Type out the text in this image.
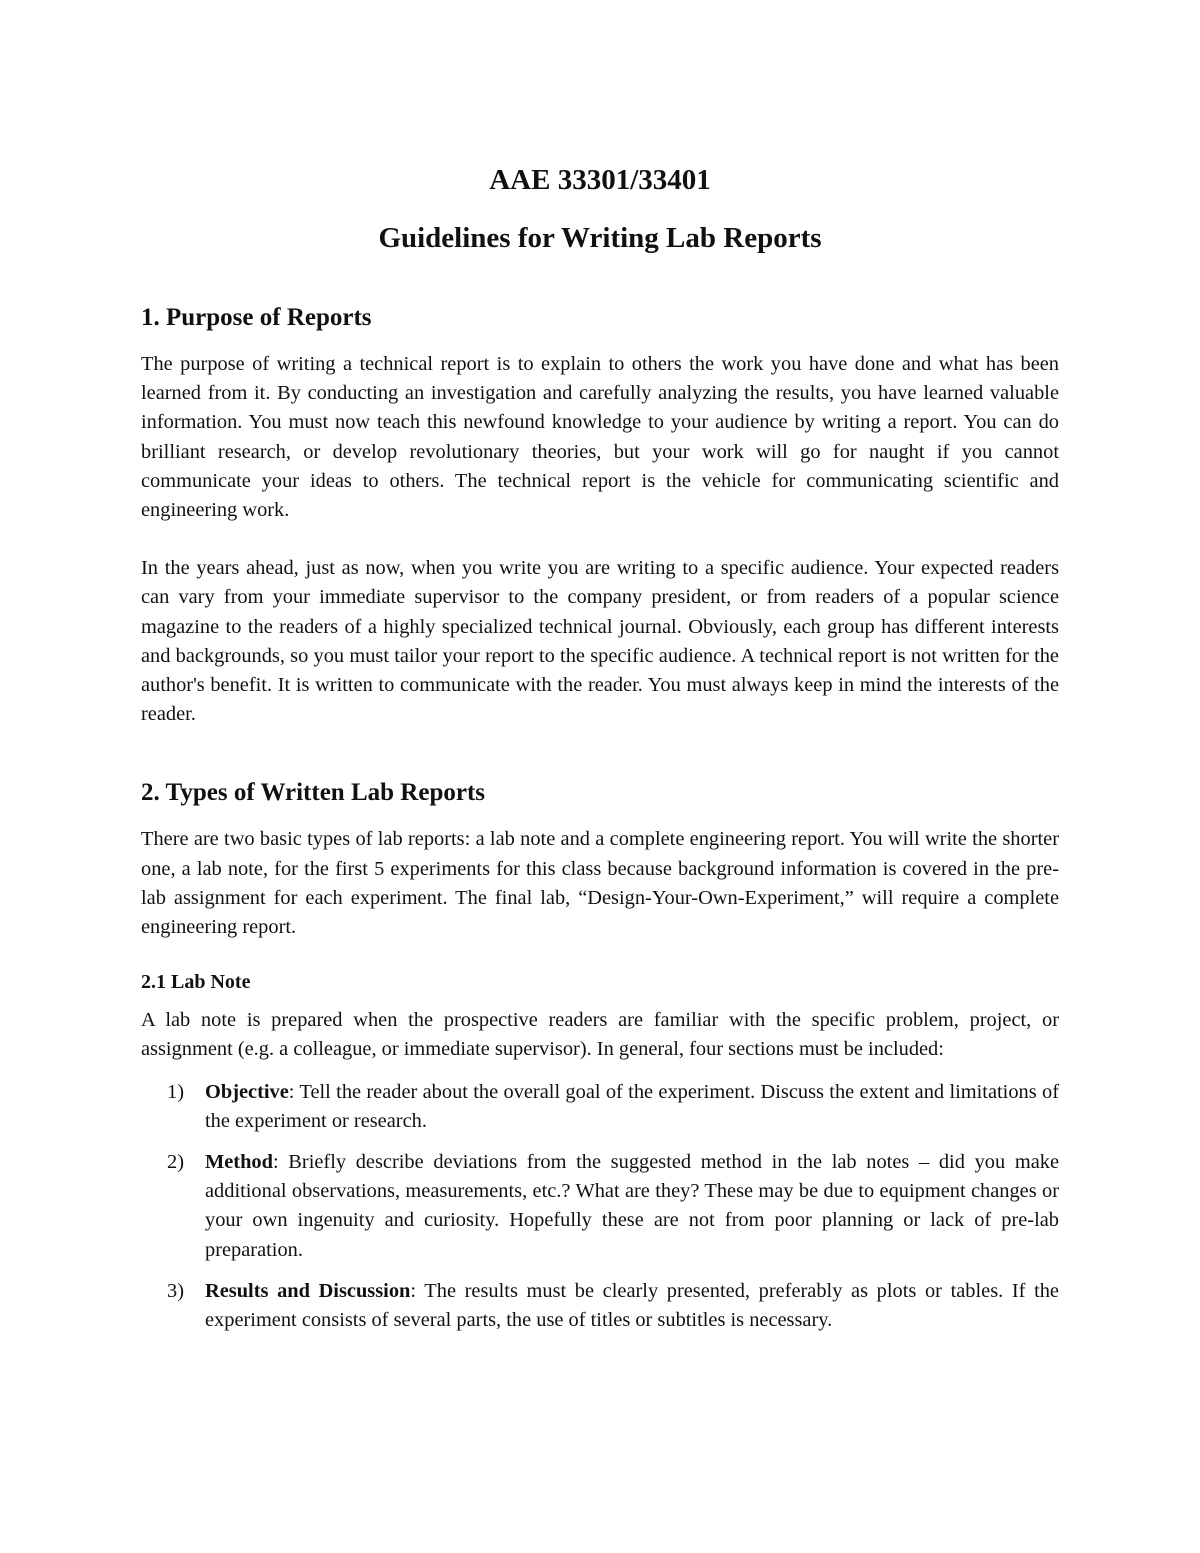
AAE 33301/33401
Guidelines for Writing Lab Reports
1. Purpose of Reports

The purpose of writing a technical report is to explain to others the work you have done and what has been learned from it. By conducting an investigation and carefully analyzing the results, you have learned valuable information. You must now teach this newfound knowledge to your audience by writing a report. You can do brilliant research, or develop revolutionary theories, but your work will go for naught if you cannot communicate your ideas to others. The technical report is the vehicle for communicating scientific and engineering work.

In the years ahead, just as now, when you write you are writing to a specific audience. Your expected readers can vary from your immediate supervisor to the company president, or from readers of a popular science magazine to the readers of a highly specialized technical journal. Obviously, each group has different interests and backgrounds, so you must tailor your report to the specific audience. A technical report is not written for the author's benefit. It is written to communicate with the reader. You must always keep in mind the interests of the reader.

2. Types of Written Lab Reports

There are two basic types of lab reports: a lab note and a complete engineering report. You will write the shorter one, a lab note, for the first 5 experiments for this class because background information is covered in the pre-lab assignment for each experiment. The final lab, “Design-Your-Own-Experiment,” will require a complete engineering report.

2.1 Lab Note

A lab note is prepared when the prospective readers are familiar with the specific problem, project, or assignment (e.g. a colleague, or immediate supervisor). In general, four sections must be included:

1) Objective: Tell the reader about the overall goal of the experiment. Discuss the extent and limitations of the experiment or research.
2) Method: Briefly describe deviations from the suggested method in the lab notes – did you make additional observations, measurements, etc.? What are they? These may be due to equipment changes or your own ingenuity and curiosity. Hopefully these are not from poor planning or lack of pre-lab preparation.
3) Results and Discussion: The results must be clearly presented, preferably as plots or tables. If the experiment consists of several parts, the use of titles or subtitles is necessary.
